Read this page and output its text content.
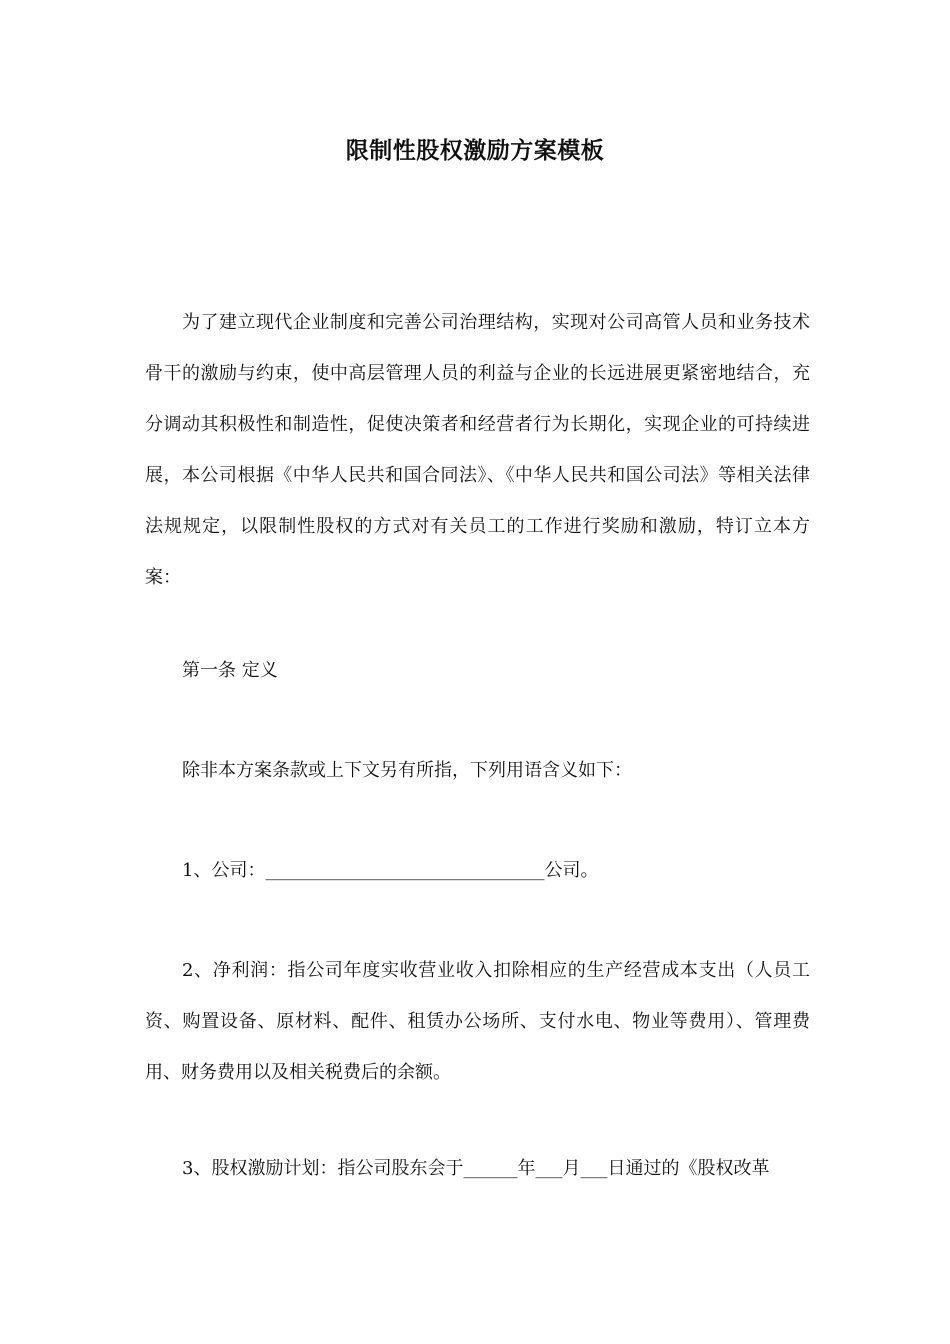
限制性股权激励方案模板

为了建立现代企业制度和完善公司治理结构，实现对公司高管人员和业务技术骨干的激励与约束，使中高层管理人员的利益与企业的长远进展更紧密地结合，充分调动其积极性和制造性，促使决策者和经营者行为长期化，实现企业的可持续进展，本公司根据《中华人民共和国合同法》、《中华人民共和国公司法》等相关法律法规规定，以限制性股权的方式对有关员工的工作进行奖励和激励，特订立本方案：

第一条 定义

除非本方案条款或上下文另有所指，下列用语含义如下：

1、公司：_______________________________公司。

2、净利润：指公司年度实收营业收入扣除相应的生产经营成本支出（人员工资、购置设备、原材料、配件、租赁办公场所、支付水电、物业等费用）、管理费用、财务费用以及相关税费后的余额。

3、股权激励计划：指公司股东会于______年___月___日通过的《股权改革
